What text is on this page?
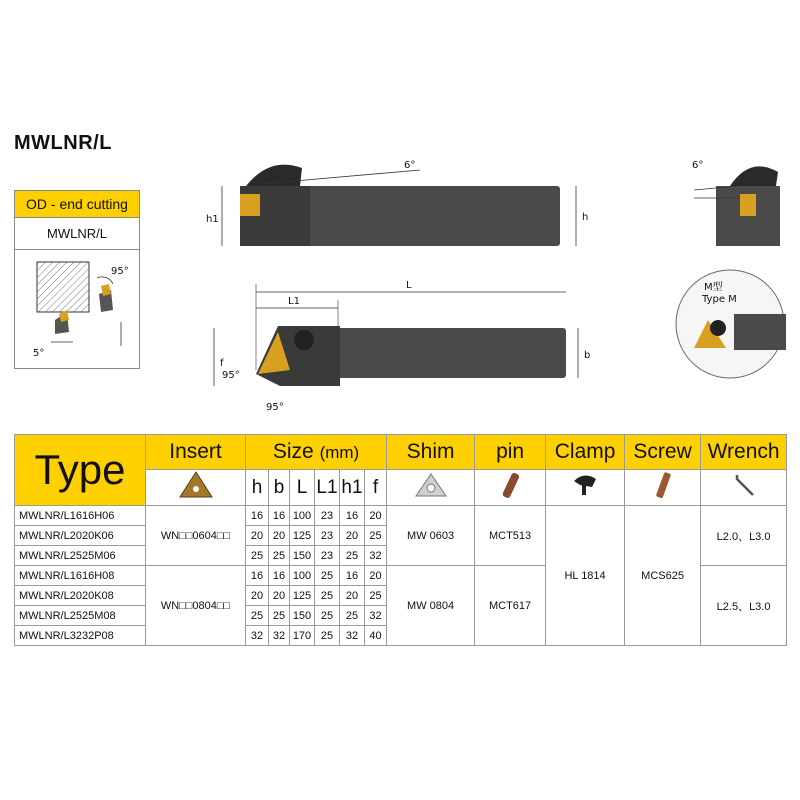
MWLNR/L
OD - end cutting
MWLNR/L
95°
5°
6°
h1	h
6°
L
L1
f
95°
95°
b
M型
Type M
Type	Insert	Size (mm)						Shim	pin	Clamp	Screw	Wrench
	h	b	L	L1	h1	f					
MWLNR/L1616H06	WN□□0604□□	16	16	100	23	16	20	MW 0603	MCT513	HL 1814	MCS625	L2.0、L3.0
MWLNR/L2020K06		20	20	125	23	20	25					
MWLNR/L2525M06		25	25	150	23	25	32					
MWLNR/L1616H08	WN□□0804□□	16	16	100	25	16	20	MW 0804	MCT617			L2.5、L3.0
MWLNR/L2020K08		20	20	125	25	20	25					
MWLNR/L2525M08		25	25	150	25	25	32					
MWLNR/L3232P08		32	32	170	25	32	40					
